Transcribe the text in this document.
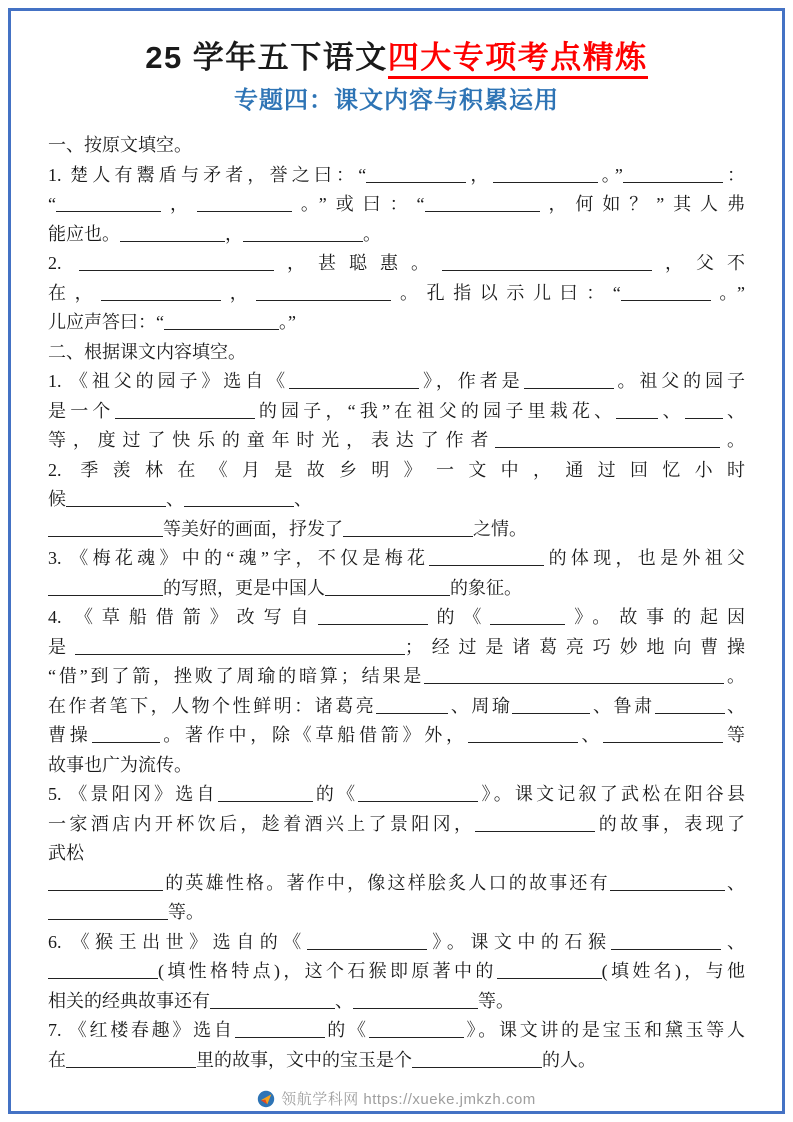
25 学年五下语文四大专项考点精炼
专题四：课文内容与积累运用
一、按原文填空。
1. 楚人有鬻盾与矛者，誉之曰：“	，	。”	：
“	，	。”或曰：“	，何如？”其人弗
能应也。	，	。
2.	，甚聪惠。	，父不
在，	，	。孔指以示儿曰：“	。”
儿应声答曰：“	。”
二、根据课文内容填空。
1. 《祖父的园子》选自《	》，作者是	。祖父的园子
是一个	的园子，“我”在祖父的园子里栽花、 、 、
等，度过了快乐的童年时光，表达了作者	。
2. 季羡林在《月是故乡明》一文中，通过回忆小时
候	、	、
等美好的画面，抒发了	之情。
3. 《梅花魂》中的“魂”字，不仅是梅花	的体现，也是外祖父
的写照，更是中国人	的象征。
4. 《草船借箭》改写自	的《	》。故事的起因
是	；经过是诸葛亮巧妙地向曹操
“借”到了箭，挫败了周瑜的暗算；结果是	。
在作者笔下，人物个性鲜明：诸葛亮	、周瑜	、鲁肃	、
曹操	。著作中，除《草船借箭》外，	、	等
故事也广为流传。
5. 《景阳冈》选自	的《	》。课文记叙了武松在阳谷县
一家酒店内开杯饮后，趁着酒兴上了景阳冈，	的故事，表现了
武松
的英雄性格。著作中，像这样脍炙人口的故事还有	、
等。
6. 《猴王出世》选自的《	》。课文中的石猴	、
(填性格特点)，这个石猴即原著中的	(填姓名)，与他
相关的经典故事还有	、	等。
7. 《红楼春趣》选自	的《	》。课文讲的是宝玉和黛玉等人
在	里的故事，文中的宝玉是个	的人。
领航学科网 https://xueke.jmkzh.com
